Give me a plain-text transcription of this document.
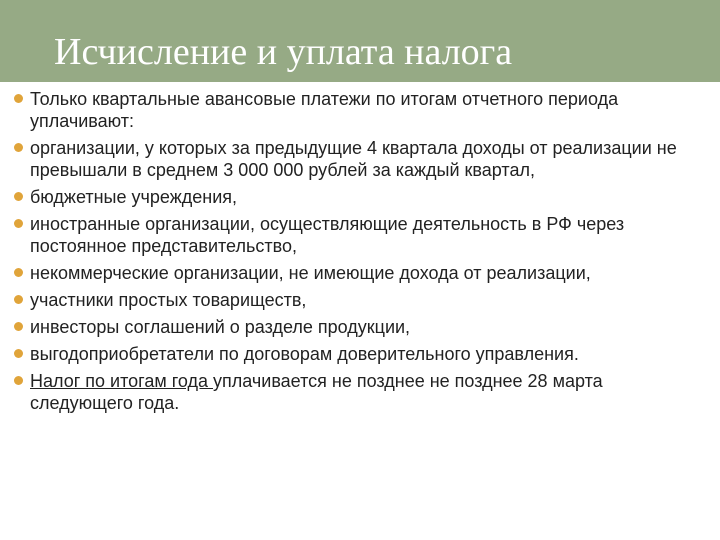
Исчисление и уплата налога
Только квартальные авансовые платежи по итогам отчетного периода уплачивают:
организации, у которых за предыдущие 4 квартала доходы от реализации не превышали в среднем 3 000 000 рублей за каждый квартал,
бюджетные учреждения,
иностранные организации, осуществляющие деятельность в РФ через постоянное представительство,
некоммерческие организации, не имеющие дохода от реализации,
участники простых товариществ,
инвесторы соглашений о разделе продукции,
выгодоприобретатели по договорам доверительного управления.
Налог по итогам года уплачивается не позднее не позднее 28 марта следующего года.
